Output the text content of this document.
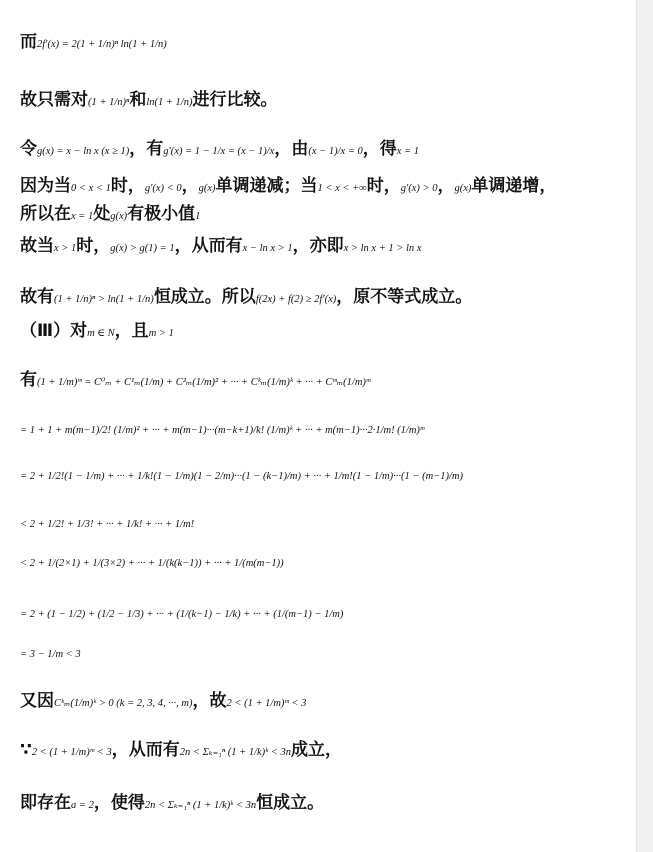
而2f′(x) = 2(1 + 1/n)ⁿ ln(1 + 1/n)
故只需对(1 + 1/n)ⁿ和ln(1 + 1/n)进行比较。
令g(x) = x − ln x (x ≥ 1)，有g′(x) = 1 − 1/x = (x − 1)/x，由(x − 1)/x = 0，得x = 1
因为当0 < x < 1时，g′(x) < 0，g(x)单调递减；当1 < x < +∞时，g′(x) > 0，g(x)单调递增，
所以在x = 1处g(x)有极小值1
故当x > 1时，g(x) > g(1) = 1，从而有x − ln x > 1，亦即x > ln x + 1 > ln x
故有(1 + 1/n)ⁿ > ln(1 + 1/n)恒成立。所以f(2x) + f(2) ≥ 2f′(x)，原不等式成立。
（Ⅲ）对m ∈ N，且m > 1
有(1 + 1/m)ᵐ = C⁰ₘ + C¹ₘ(1/m) + C²ₘ(1/m)² + ··· + Cᵏₘ(1/m)ᵏ + ··· + Cᵐₘ(1/m)ᵐ
= 1 + 1 + m(m−1)/2! (1/m)² + ··· + m(m−1)···(m−k+1)/k! (1/m)ᵏ + ··· + m(m−1)···2·1/m! (1/m)ᵐ
= 2 + 1/2!(1 − 1/m) + ··· + 1/k!(1 − 1/m)(1 − 2/m)···(1 − (k−1)/m) + ··· + 1/m!(1 − 1/m)···(1 − (m−1)/m)
< 2 + 1/2! + 1/3! + ··· + 1/k! + ··· + 1/m!
< 2 + 1/(2×1) + 1/(3×2) + ··· + 1/(k(k−1)) + ··· + 1/(m(m−1))
= 2 + (1 − 1/2) + (1/2 − 1/3) + ··· + (1/(k−1) − 1/k) + ··· + (1/(m−1) − 1/m)
= 3 − 1/m < 3
又因Cᵏₘ(1/m)ᵏ > 0 (k = 2, 3, 4, ···, m)，故2 < (1 + 1/m)ᵐ < 3
∵2 < (1 + 1/m)ᵐ < 3，从而有2n < Σₖ₌₁ⁿ (1 + 1/k)ᵏ < 3n成立，
即存在a = 2，使得2n < Σₖ₌₁ⁿ (1 + 1/k)ᵏ < 3n恒成立。
